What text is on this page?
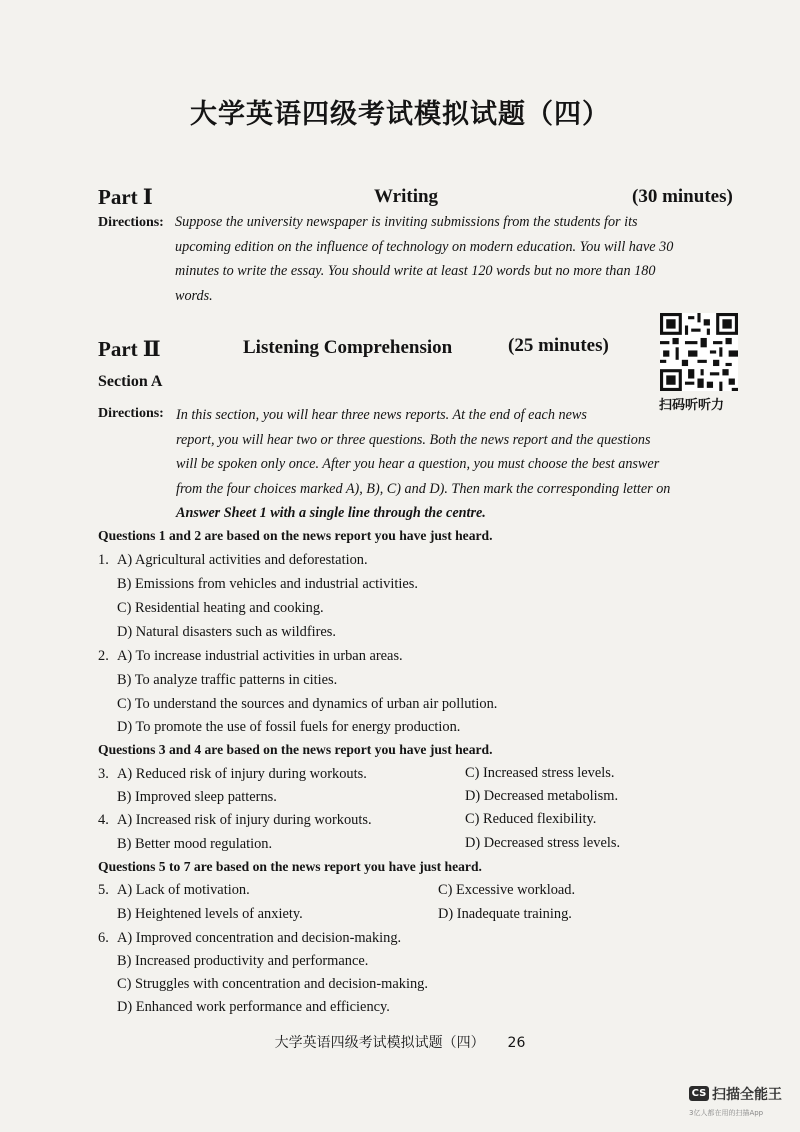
大学英语四级考试模拟试题（四）
Part Ⅰ	Writing	(30 minutes)
Directions: Suppose the university newspaper is inviting submissions from the students for its
upcoming edition on the influence of technology on modern education. You will have 30
minutes to write the essay. You should write at least 120 words but no more than 180
words.
Part Ⅱ	Listening Comprehension	(25 minutes)
扫码听听力
Section A
Directions: In this section, you will hear three news reports. At the end of each news
report, you will hear two or three questions. Both the news report and the questions
will be spoken only once. After you hear a question, you must choose the best answer
from the four choices marked A), B), C) and D). Then mark the corresponding letter on
Answer Sheet 1 with a single line through the centre.
Questions 1 and 2 are based on the news report you have just heard.
1. A) Agricultural activities and deforestation.
B) Emissions from vehicles and industrial activities.
C) Residential heating and cooking.
D) Natural disasters such as wildfires.
2. A) To increase industrial activities in urban areas.
B) To analyze traffic patterns in cities.
C) To understand the sources and dynamics of urban air pollution.
D) To promote the use of fossil fuels for energy production.
Questions 3 and 4 are based on the news report you have just heard.
3. A) Reduced risk of injury during workouts.	C) Increased stress levels.
B) Improved sleep patterns.	D) Decreased metabolism.
4. A) Increased risk of injury during workouts.	C) Reduced flexibility.
B) Better mood regulation.	D) Decreased stress levels.
Questions 5 to 7 are based on the news report you have just heard.
5. A) Lack of motivation.	C) Excessive workload.
B) Heightened levels of anxiety.	D) Inadequate training.
6. A) Improved concentration and decision-making.
B) Increased productivity and performance.
C) Struggles with concentration and decision-making.
D) Enhanced work performance and efficiency.
大学英语四级考试模拟试题（四） 26
CS 扫描全能王
3亿人都在用的扫描App
